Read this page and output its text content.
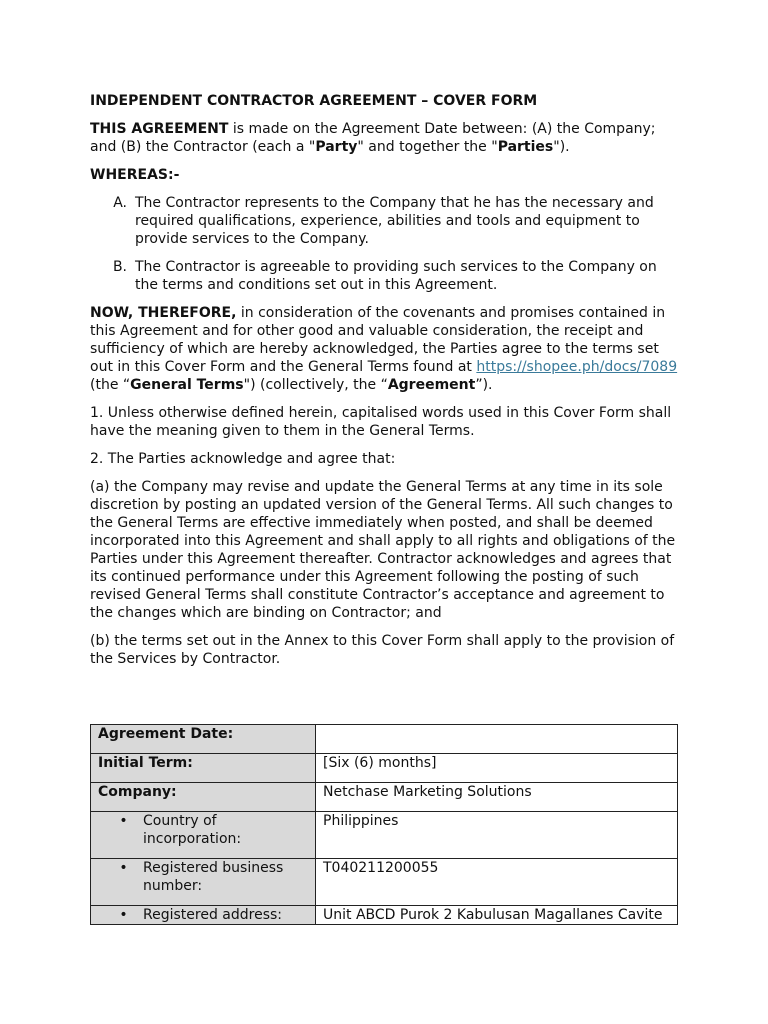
INDEPENDENT CONTRACTOR AGREEMENT – COVER FORM

THIS AGREEMENT is made on the Agreement Date between: (A) the Company; and (B) the Contractor (each a "Party" and together the "Parties").

WHEREAS:-

A. The Contractor represents to the Company that he has the necessary and required qualifications, experience, abilities and tools and equipment to provide services to the Company.
B. The Contractor is agreeable to providing such services to the Company on the terms and conditions set out in this Agreement.

NOW, THEREFORE, in consideration of the covenants and promises contained in this Agreement and for other good and valuable consideration, the receipt and sufficiency of which are hereby acknowledged, the Parties agree to the terms set out in this Cover Form and the General Terms found at https://shopee.ph/docs/7089 (the “General Terms") (collectively, the “Agreement”).

1. Unless otherwise defined herein, capitalised words used in this Cover Form shall have the meaning given to them in the General Terms.

2. The Parties acknowledge and agree that:

(a) the Company may revise and update the General Terms at any time in its sole discretion by posting an updated version of the General Terms. All such changes to the General Terms are effective immediately when posted, and shall be deemed incorporated into this Agreement and shall apply to all rights and obligations of the Parties under this Agreement thereafter. Contractor acknowledges and agrees that its continued performance under this Agreement following the posting of such revised General Terms shall constitute Contractor’s acceptance and agreement to the changes which are binding on Contractor; and

(b) the terms set out in the Annex to this Cover Form shall apply to the provision of the Services by Contractor.

Agreement Date:	
Initial Term:	[Six (6) months]
Company:	Netchase Marketing Solutions

• Country of incorporation:	Philippines

• Registered business number:	T040211200055

• Registered address:	Unit ABCD Purok 2 Kabulusan Magallanes Cavite
